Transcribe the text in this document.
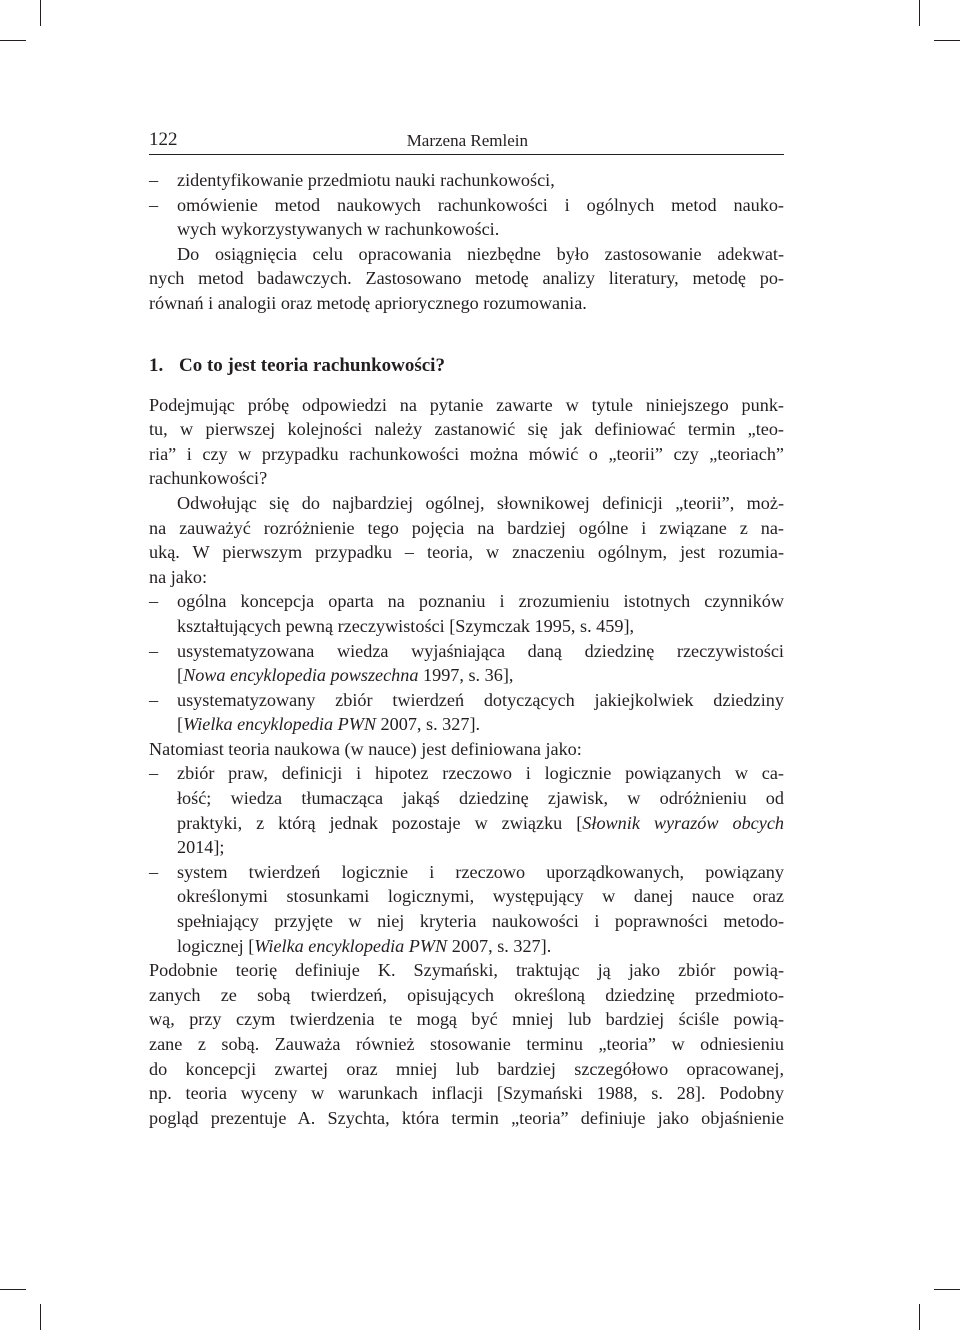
122	Marzena Remlein
– zidentyfikowanie przedmiotu nauki rachunkowości,
– omówienie metod naukowych rachunkowości i ogólnych metod nauko-
wych wykorzystywanych w rachunkowości.
Do osiągnięcia celu opracowania niezbędne było zastosowanie adekwat-
nych metod badawczych. Zastosowano metodę analizy literatury, metodę po-
równań i analogii oraz metodę apriorycznego rozumowania.
1. Co to jest teoria rachunkowości?
Podejmując próbę odpowiedzi na pytanie zawarte w tytule niniejszego punk-
tu, w pierwszej kolejności należy zastanowić się jak definiować termin „teo-
ria” i czy w przypadku rachunkowości można mówić o „teorii” czy „teoriach”
rachunkowości?
Odwołując się do najbardziej ogólnej, słownikowej definicji „teorii”, moż-
na zauważyć rozróżnienie tego pojęcia na bardziej ogólne i związane z na-
uką. W pierwszym przypadku – teoria, w znaczeniu ogólnym, jest rozumia-
na jako:
– ogólna koncepcja oparta na poznaniu i zrozumieniu istotnych czynników
kształtujących pewną rzeczywistości [Szymczak 1995, s. 459],
– usystematyzowana wiedza wyjaśniająca daną dziedzinę rzeczywistości
[Nowa encyklopedia powszechna 1997, s. 36],
– usystematyzowany zbiór twierdzeń dotyczących jakiejkolwiek dziedziny
[Wielka encyklopedia PWN 2007, s. 327].
Natomiast teoria naukowa (w nauce) jest definiowana jako:
– zbiór praw, definicji i hipotez rzeczowo i logicznie powiązanych w ca-
łość; wiedza tłumacząca jakąś dziedzinę zjawisk, w odróżnieniu od
praktyki, z którą jednak pozostaje w związku [Słownik wyrazów obcych
2014];
– system twierdzeń logicznie i rzeczowo uporządkowanych, powiązany
określonymi stosunkami logicznymi, występujący w danej nauce oraz
spełniający przyjęte w niej kryteria naukowości i poprawności metodo-
logicznej [Wielka encyklopedia PWN 2007, s. 327].
Podobnie teorię definiuje K. Szymański, traktując ją jako zbiór powią-
zanych ze sobą twierdzeń, opisujących określoną dziedzinę przedmioto-
wą, przy czym twierdzenia te mogą być mniej lub bardziej ściśle powią-
zane z sobą. Zauważa również stosowanie terminu „teoria” w odniesieniu
do koncepcji zwartej oraz mniej lub bardziej szczegółowo opracowanej,
np. teoria wyceny w warunkach inflacji [Szymański 1988, s. 28]. Podobny
pogląd prezentuje A. Szychta, która termin „teoria” definiuje jako objaśnienie
